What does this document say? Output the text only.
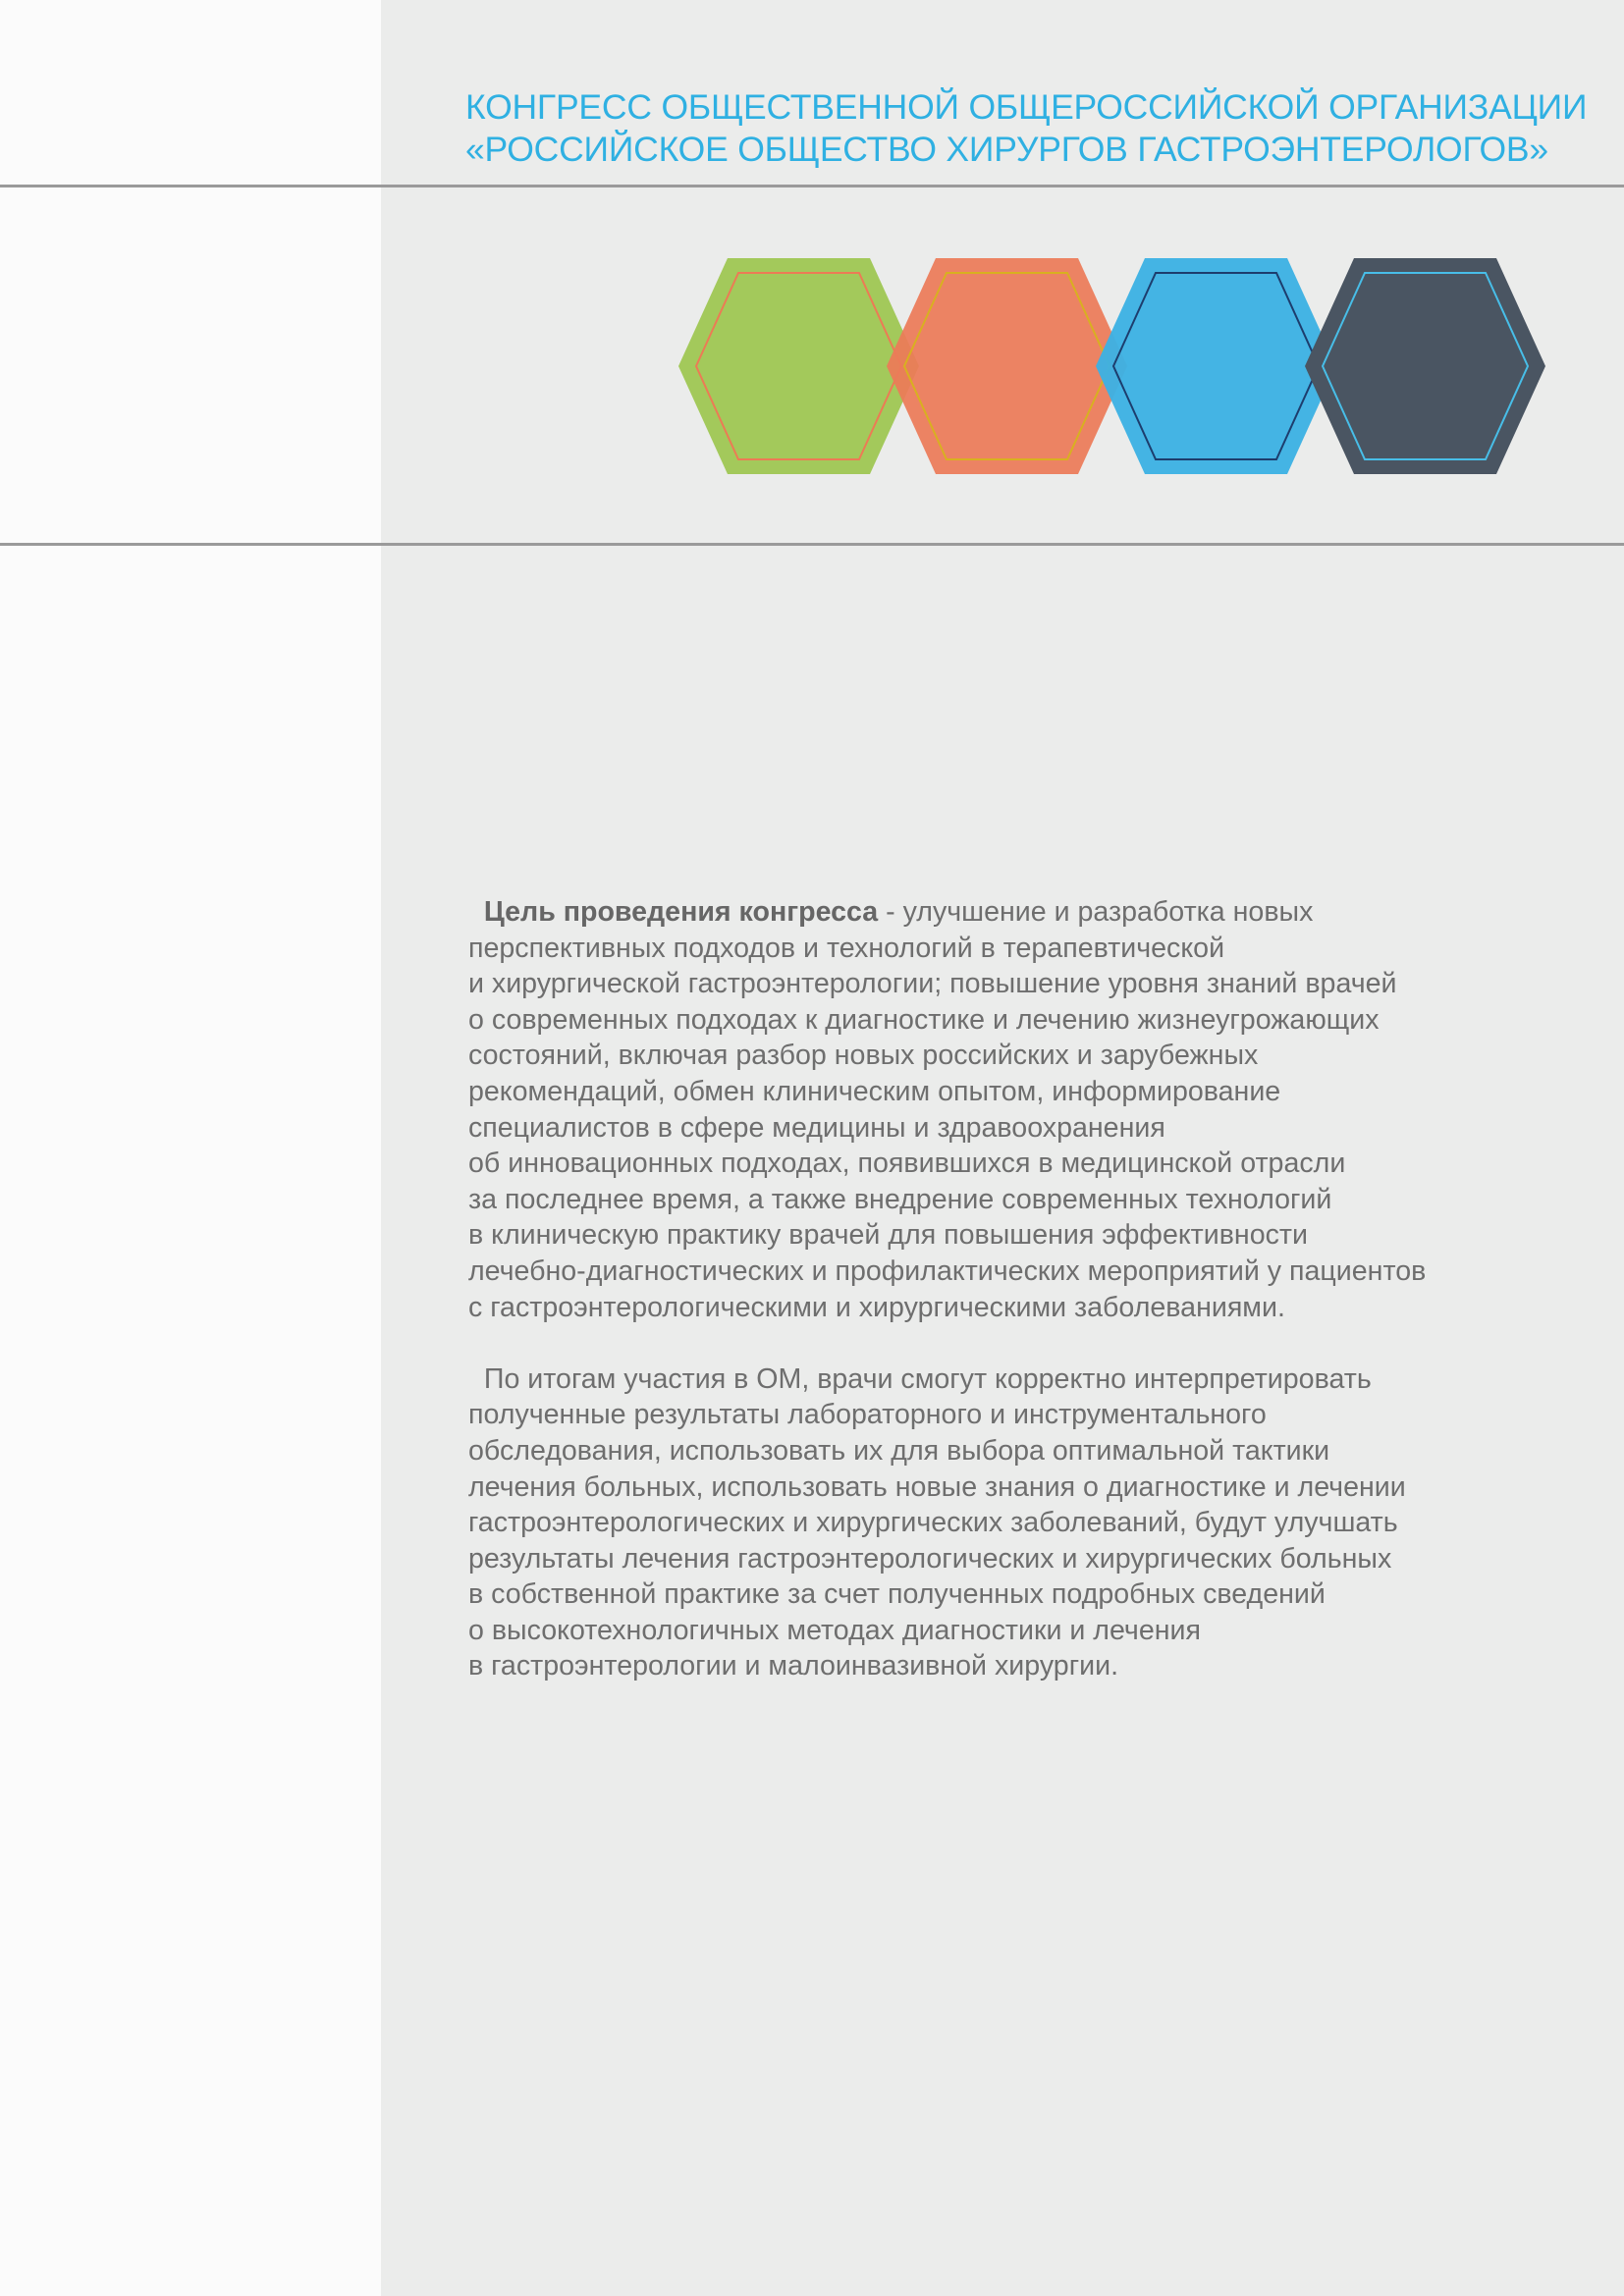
КОНГРЕСС ОБЩЕСТВЕННОЙ ОБЩЕРОССИЙСКОЙ ОРГАНИЗАЦИИ
«РОССИЙСКОЕ ОБЩЕСТВО ХИРУРГОВ ГАСТРОЭНТЕРОЛОГОВ»
Цель проведения конгресса - улучшение и разработка новых
перспективных подходов и технологий в терапевтической
и хирургической гастроэнтерологии; повышение уровня знаний врачей
о современных подходах к диагностике и лечению жизнеугрожающих
состояний, включая разбор новых российских и зарубежных
рекомендаций, обмен клиническим опытом, информирование
специалистов в сфере медицины и здравоохранения
об инновационных подходах, появившихся в медицинской отрасли
за последнее время, а также внедрение современных технологий
в клиническую практику врачей для повышения эффективности
лечебно-диагностических и профилактических мероприятий у пациентов
с гастроэнтерологическими и хирургическими заболеваниями.
По итогам участия в ОМ, врачи смогут корректно интерпретировать
полученные результаты лабораторного и инструментального
обследования, использовать их для выбора оптимальной тактики
лечения больных, использовать новые знания о диагностике и лечении
гастроэнтерологических и хирургических заболеваний, будут улучшать
результаты лечения гастроэнтерологических и хирургических больных
в собственной практике за счет полученных подробных сведений
о высокотехнологичных методах диагностики и лечения
в гастроэнтерологии и малоинвазивной хирургии.
